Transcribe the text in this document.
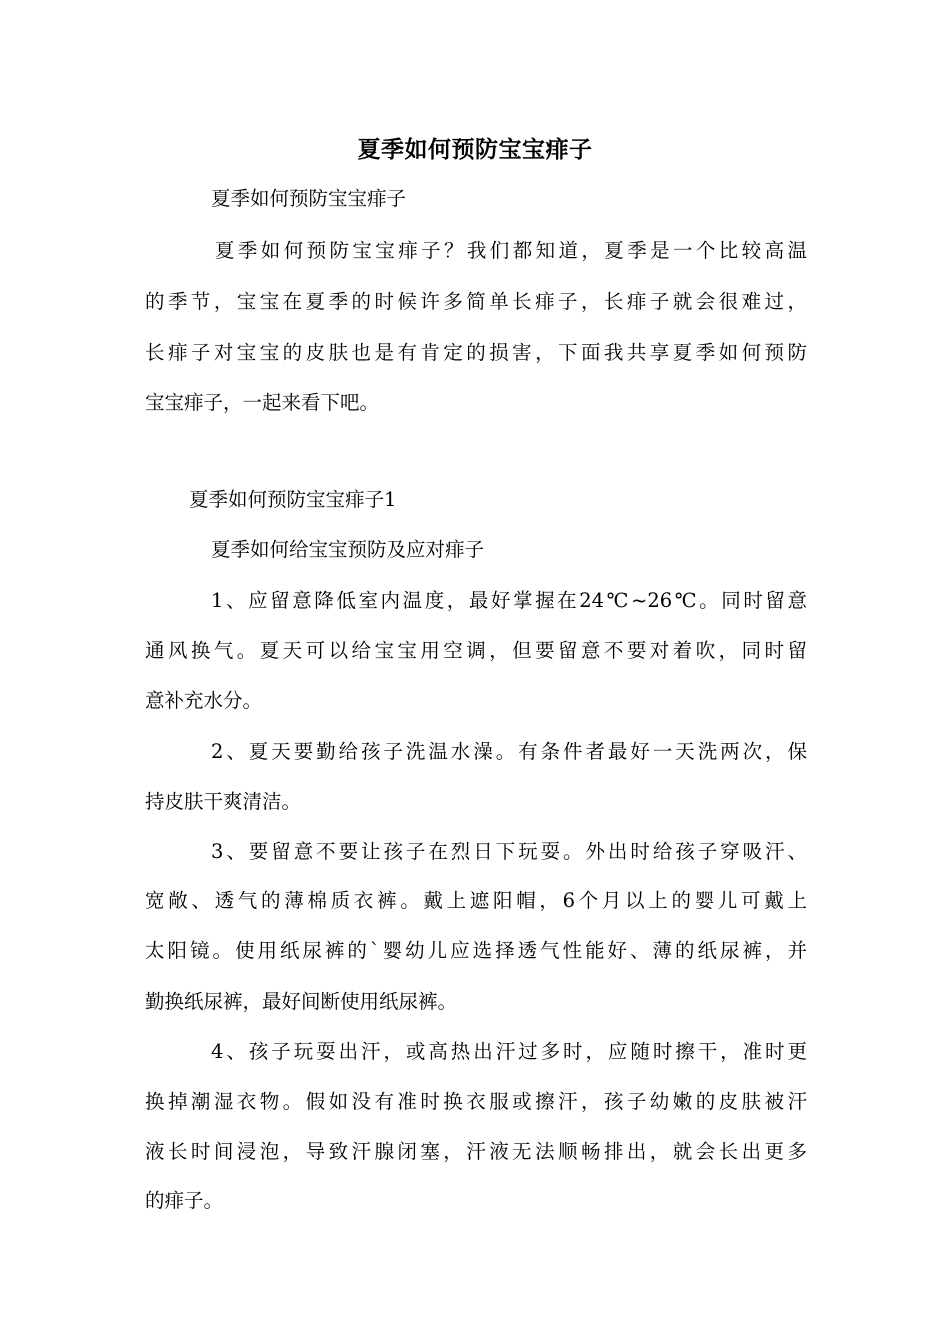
夏季如何预防宝宝痱子
夏季如何预防宝宝痱子
夏季如何预防宝宝痱子？我们都知道，夏季是一个比较高温
的季节，宝宝在夏季的时候许多简单长痱子，长痱子就会很难过，
长痱子对宝宝的皮肤也是有肯定的损害，下面我共享夏季如何预防
宝宝痱子，一起来看下吧。
夏季如何预防宝宝痱子1
夏季如何给宝宝预防及应对痱子
1、应留意降低室内温度，最好掌握在24℃~26℃。同时留意
通风换气。夏天可以给宝宝用空调，但要留意不要对着吹，同时留
意补充水分。
2、夏天要勤给孩子洗温水澡。有条件者最好一天洗两次，保
持皮肤干爽清洁。
3、要留意不要让孩子在烈日下玩耍。外出时给孩子穿吸汗、
宽敞、透气的薄棉质衣裤。戴上遮阳帽，6个月以上的婴儿可戴上
太阳镜。使用纸尿裤的`婴幼儿应选择透气性能好、薄的纸尿裤，并
勤换纸尿裤，最好间断使用纸尿裤。
4、孩子玩耍出汗，或高热出汗过多时，应随时擦干，准时更
换掉潮湿衣物。假如没有准时换衣服或擦汗，孩子幼嫩的皮肤被汗
液长时间浸泡，导致汗腺闭塞，汗液无法顺畅排出，就会长出更多
的痱子。
